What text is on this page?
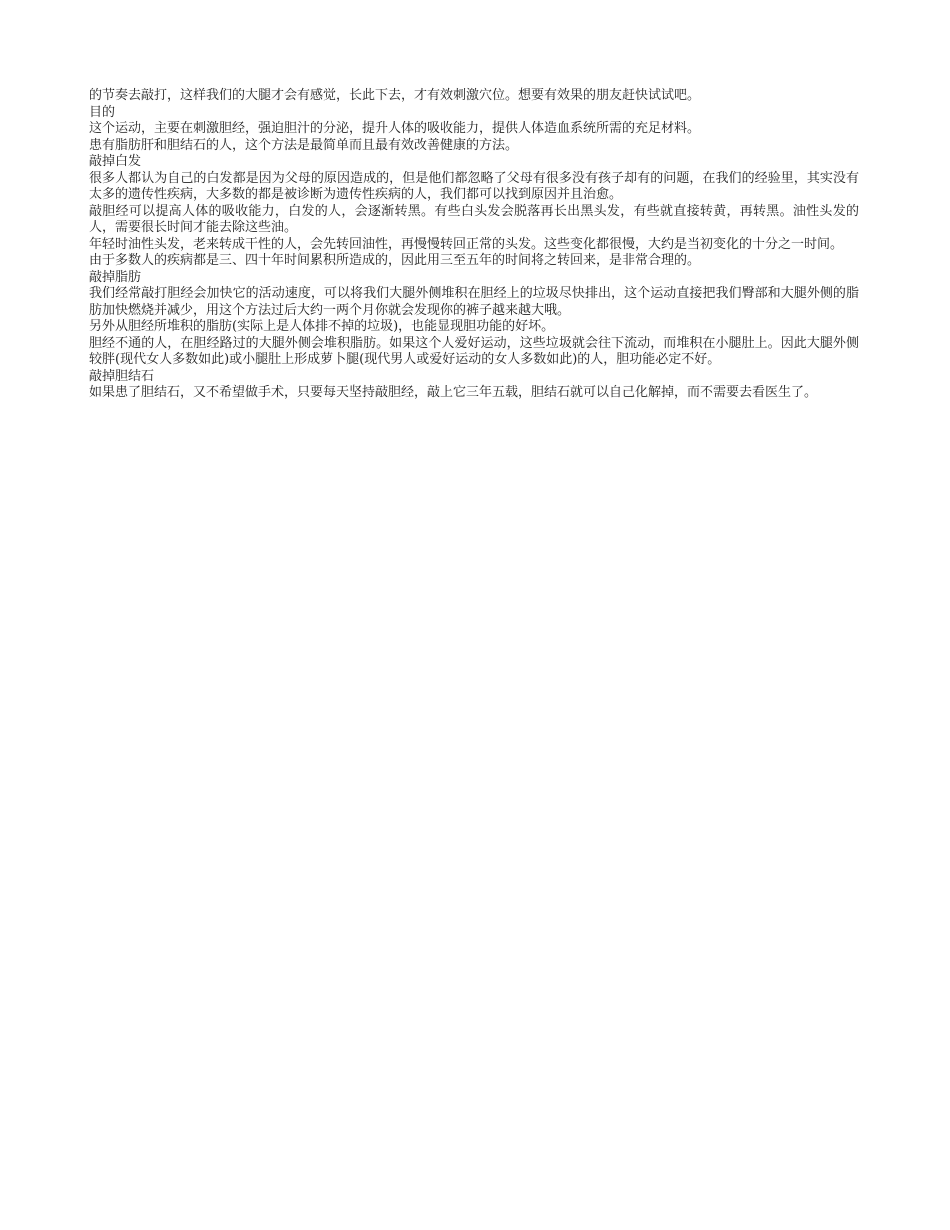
的节奏去敲打，这样我们的大腿才会有感觉，长此下去，才有效刺激穴位。想要有效果的朋友赶快试试吧。

目的

这个运动，主要在刺激胆经，强迫胆汁的分泌，提升人体的吸收能力，提供人体造血系统所需的充足材料。

患有脂肪肝和胆结石的人，这个方法是最简单而且最有效改善健康的方法。

敲掉白发

很多人都认为自己的白发都是因为父母的原因造成的，但是他们都忽略了父母有很多没有孩子却有的问题，在我们的经验里，其实没有太多的遗传性疾病，大多数的都是被诊断为遗传性疾病的人，我们都可以找到原因并且治愈。

敲胆经可以提高人体的吸收能力，白发的人，会逐渐转黑。有些白头发会脱落再长出黑头发，有些就直接转黄，再转黑。油性头发的人，需要很长时间才能去除这些油。

年轻时油性头发，老来转成干性的人，会先转回油性，再慢慢转回正常的头发。这些变化都很慢，大约是当初变化的十分之一时间。

由于多数人的疾病都是三、四十年时间累积所造成的，因此用三至五年的时间将之转回来，是非常合理的。

敲掉脂肪

我们经常敲打胆经会加快它的活动速度，可以将我们大腿外侧堆积在胆经上的垃圾尽快排出，这个运动直接把我们臀部和大腿外侧的脂肪加快燃烧并减少，用这个方法过后大约一两个月你就会发现你的裤子越来越大哦。

另外从胆经所堆积的脂肪(实际上是人体排不掉的垃圾)，也能显现胆功能的好坏。

胆经不通的人，在胆经路过的大腿外侧会堆积脂肪。如果这个人爱好运动，这些垃圾就会往下流动，而堆积在小腿肚上。因此大腿外侧较胖(现代女人多数如此)或小腿肚上形成萝卜腿(现代男人或爱好运动的女人多数如此)的人，胆功能必定不好。

敲掉胆结石

如果患了胆结石，又不希望做手术，只要每天坚持敲胆经，敲上它三年五载，胆结石就可以自己化解掉，而不需要去看医生了。
